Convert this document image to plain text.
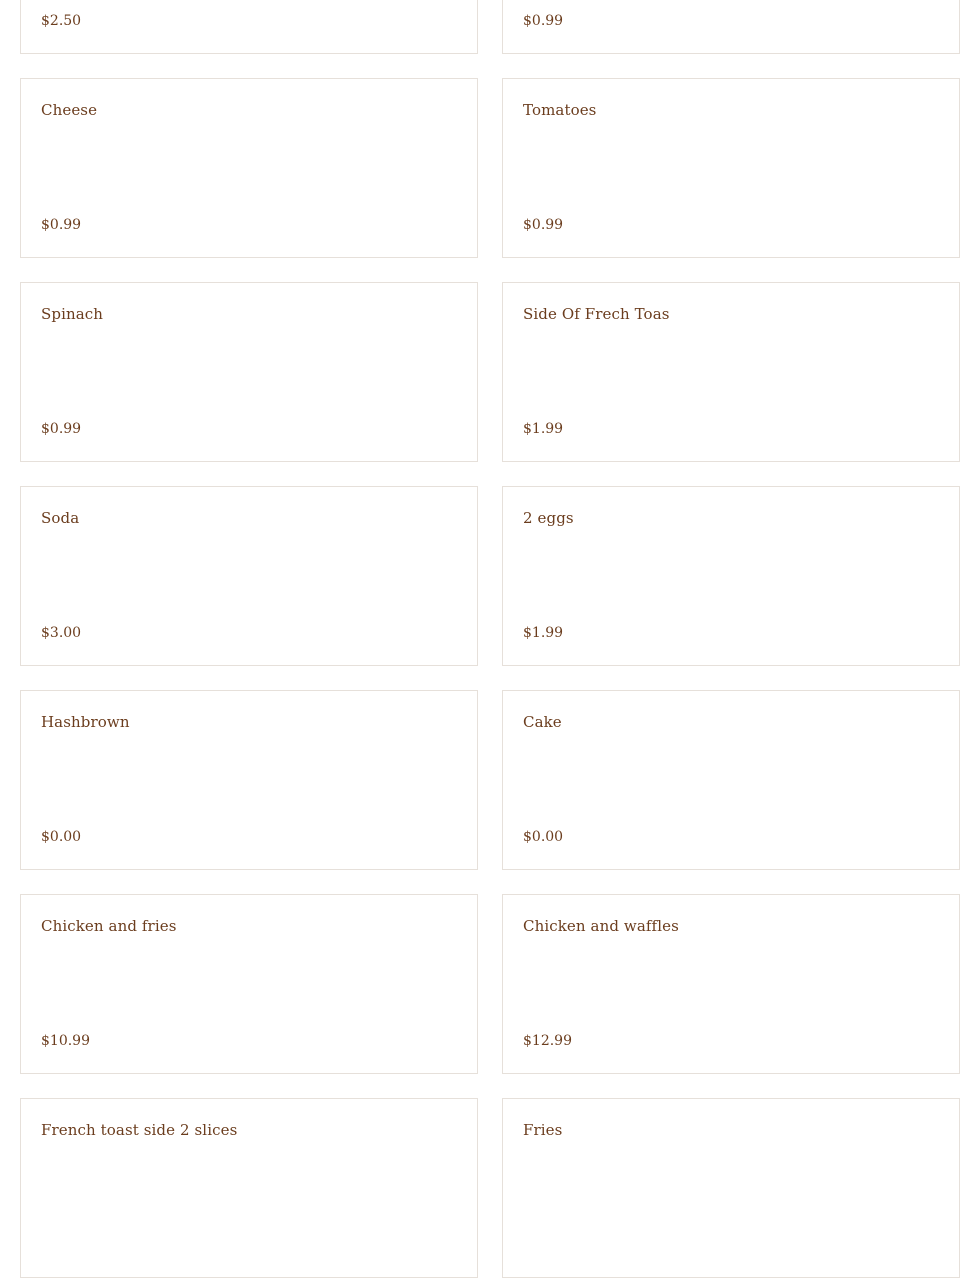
$2.50	$0.99
Cheese
$0.99
Tomatoes
$0.99
Spinach
$0.99
Side Of Frech Toas
$1.99
Soda
$3.00
2 eggs
$1.99
Hashbrown
$0.00
Cake
$0.00
Chicken and fries
$10.99
Chicken and waffles
$12.99
French toast side 2 slices	Fries
